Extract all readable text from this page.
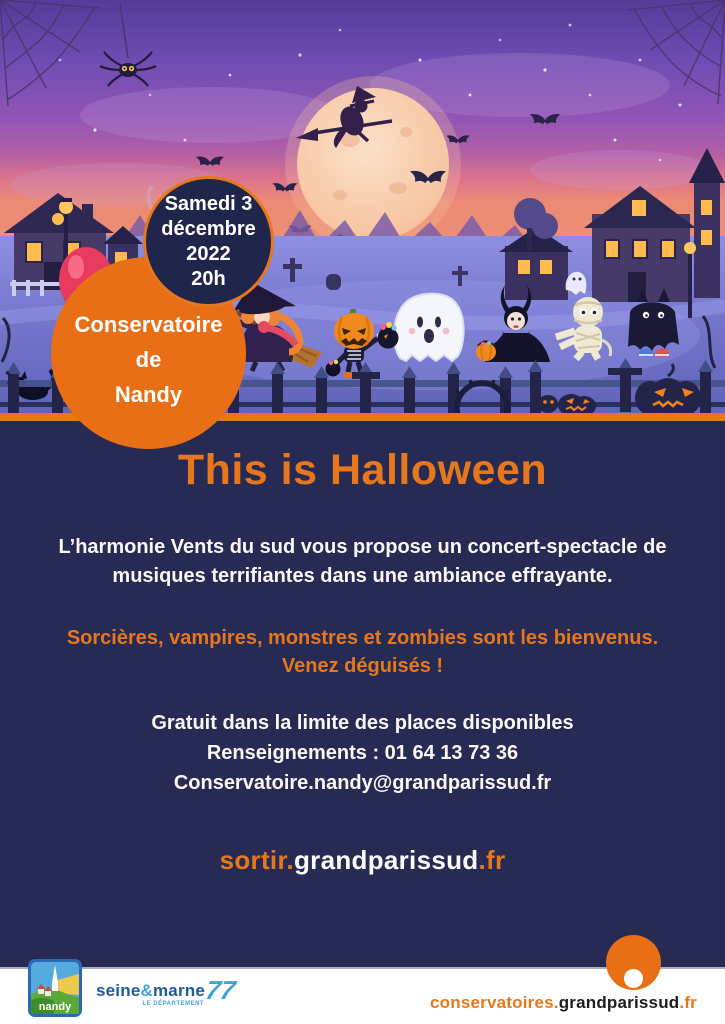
Samedi 3
décembre
2022
20h
Conservatoire
de
Nandy
This is Halloween
L’harmonie Vents du sud vous propose un concert-spectacle de
musiques terrifiantes dans une ambiance effrayante.
Sorcières, vampires, monstres et zombies sont les bienvenus.
Venez déguisés !
Gratuit dans la limite des places disponibles
Renseignements : 01 64 13 73 36
Conservatoire.nandy@grandparissud.fr
sortir.grandparissud.fr
nandy
seine&marne
LE DÉPARTEMENT 77	conservatoires.grandparissud.fr
